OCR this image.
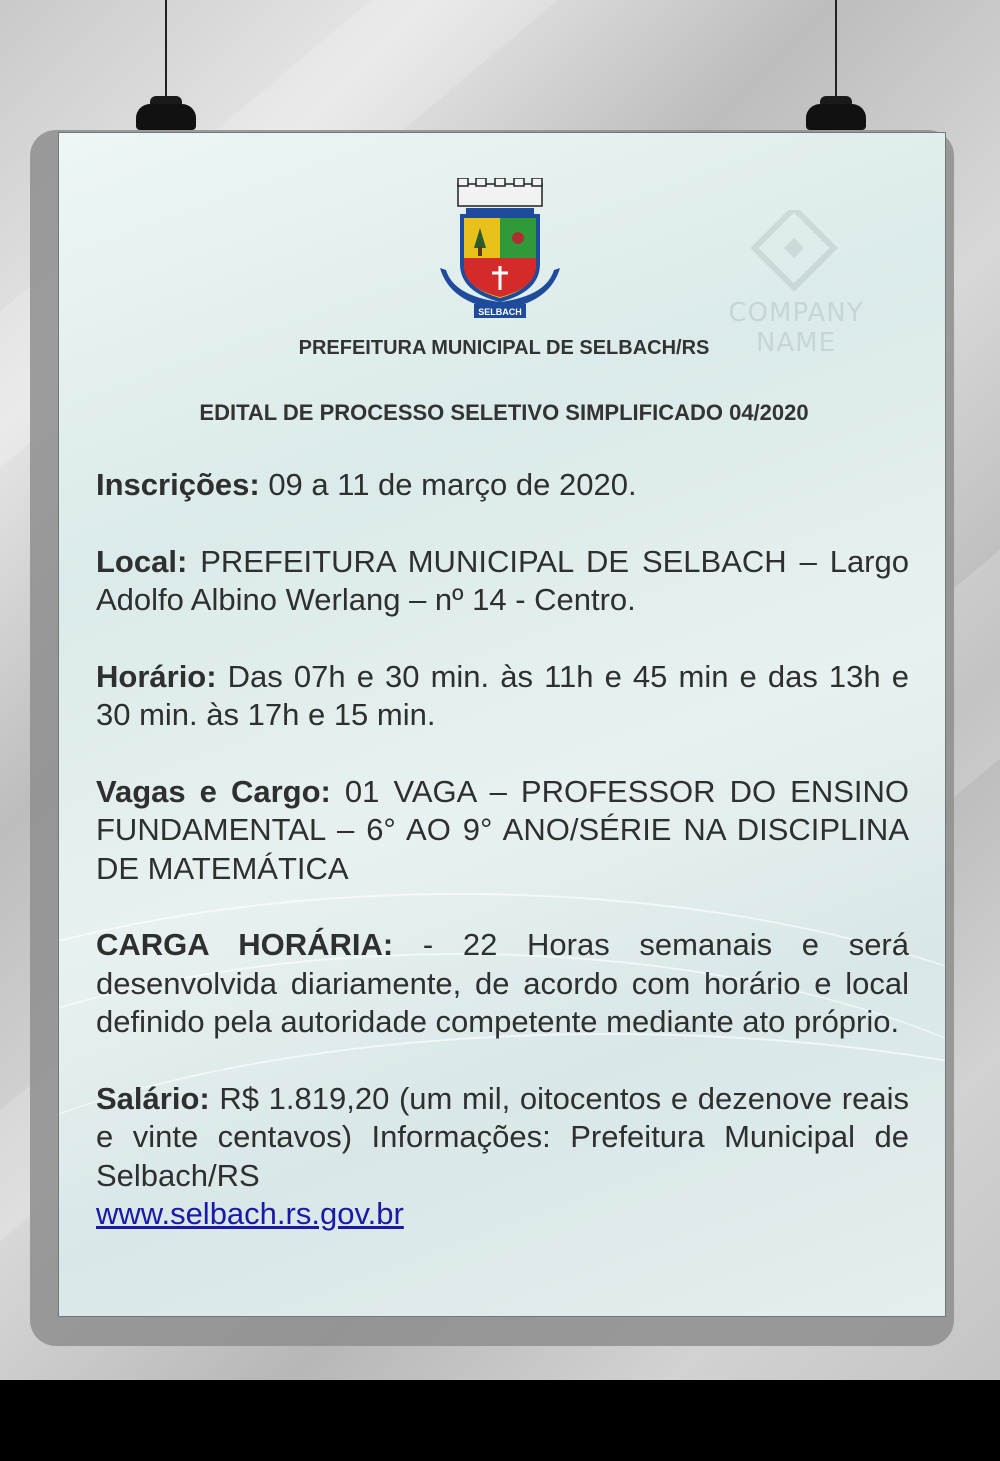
COMPANY NAME
SELBACH
PREFEITURA MUNICIPAL DE SELBACH/RS
EDITAL DE PROCESSO SELETIVO SIMPLIFICADO 04/2020

Inscrições: 09 a 11 de março de 2020.

Local: PREFEITURA MUNICIPAL DE SELBACH – Largo Adolfo Albino Werlang – nº 14 - Centro.

Horário: Das 07h e 30 min. às 11h e 45 min e das 13h e 30 min. às 17h e 15 min.

Vagas e Cargo: 01 VAGA – PROFESSOR DO ENSINO FUNDAMENTAL – 6° AO 9° ANO/SÉRIE NA DISCIPLINA DE MATEMÁTICA

CARGA HORÁRIA: - 22 Horas semanais e será desenvolvida diariamente, de acordo com horário e local definido pela autoridade competente mediante ato próprio.

Salário: R$ 1.819,20 (um mil, oitocentos e dezenove reais e vinte centavos) Informações: Prefeitura Municipal de Selbach/RS
www.selbach.rs.gov.br
